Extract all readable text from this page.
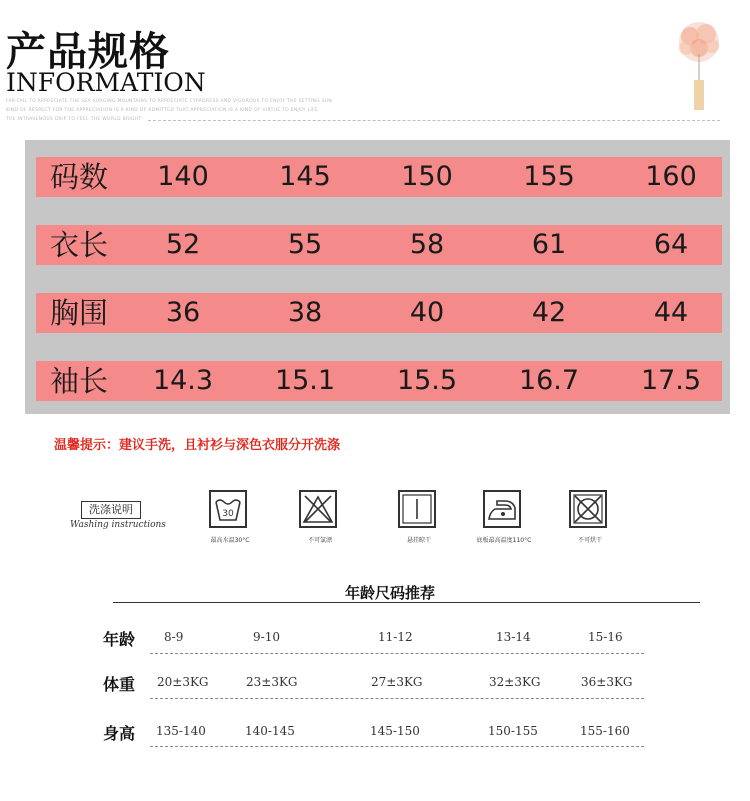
产品规格
INFORMATION
FAR FAIL TO APPRECIATE THE SEA SURGING MOUNTAINS TO APPRECIATE CYPADRESS AND VIGOROUS TO ENJOY THE SETTING SUN
KIND OF RESPECT FOR THE APPRECIATION IS A KIND OF ADMITTED THAT APPRECIATION IS A KIND OF VIRTUE TO ENJOY LIFE
THE INTRAVENOUS DRIP TO FEEL THE WORLD BRIGHT
温馨提示：建议手洗，且衬衫与深色衣服分开洗涤
洗涤说明
Washing instructions
30
最高水温30°C	不可氯漂	悬挂晾干	底板最高温度110°C	不可烘干
年龄尺码推荐
码数	140	145	150	155	160
衣长	52	55	58	61	64
胸围	36	38	40	42	44
袖长	14.3	15.1	15.5	16.7	17.5
年龄 8-9	9-10	11-12	13-14	15-16
体重 20±3KG	23±3KG	27±3KG	32±3KG	36±3KG
身高 135-140	140-145	145-150	150-155	155-160
